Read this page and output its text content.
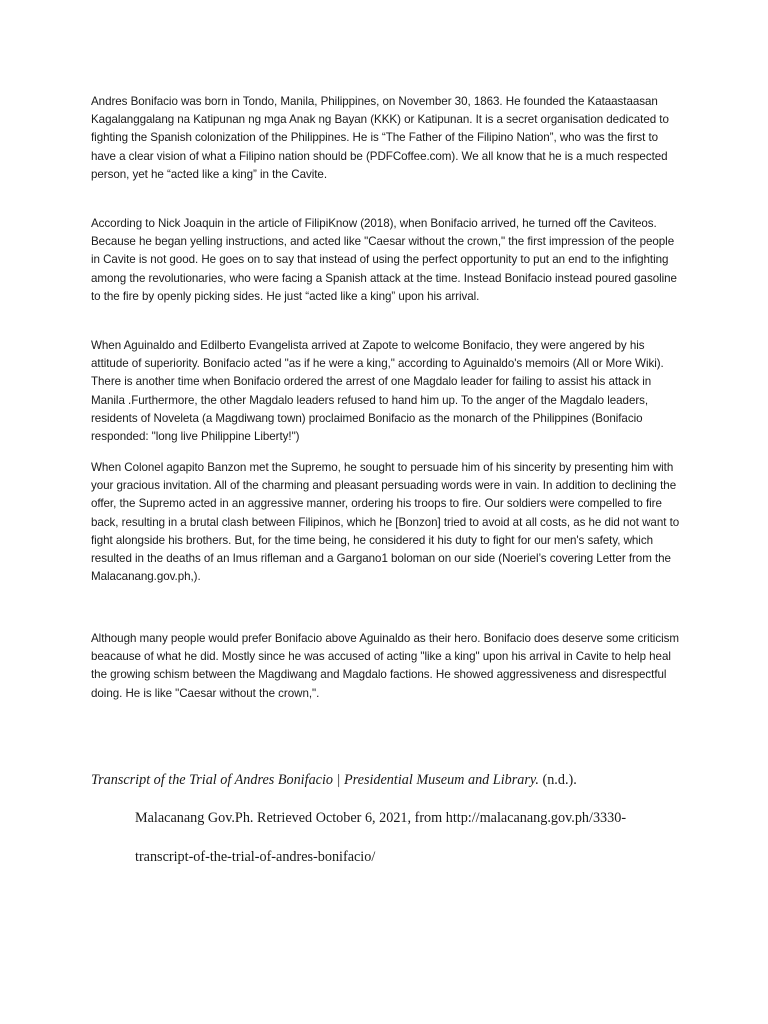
Andres Bonifacio was born in Tondo, Manila, Philippines, on November 30, 1863. He founded the Kataastaasan Kagalanggalang na Katipunan ng mga Anak ng Bayan (KKK) or Katipunan. It is a secret organisation dedicated to fighting the Spanish colonization of the Philippines. He is “The Father of the Filipino Nation”, who was the first to have a clear vision of what a Filipino nation should be (PDFCoffee.com). We all know that he is a much respected person, yet he “acted like a king” in the Cavite.

According to Nick Joaquin in the article of FilipiKnow (2018), when Bonifacio arrived, he turned off the Caviteos. Because he began yelling instructions, and acted like "Caesar without the crown," the first impression of the people in Cavite is not good. He goes on to say that instead of using the perfect opportunity to put an end to the infighting among the revolutionaries, who were facing a Spanish attack at the time. Instead Bonifacio instead poured gasoline to the fire by openly picking sides. He just “acted like a king” upon his arrival.

When Aguinaldo and Edilberto Evangelista arrived at Zapote to welcome Bonifacio, they were angered by his attitude of superiority. Bonifacio acted "as if he were a king," according to Aguinaldo's memoirs (All or More Wiki). There is another time when Bonifacio ordered the arrest of one Magdalo leader for failing to assist his attack in Manila .Furthermore, the other Magdalo leaders refused to hand him up. To the anger of the Magdalo leaders, residents of Noveleta (a Magdiwang town) proclaimed Bonifacio as the monarch of the Philippines (Bonifacio responded: "long live Philippine Liberty!")

When Colonel agapito Banzon met the Supremo, he sought to persuade him of his sincerity by presenting him with your gracious invitation. All of the charming and pleasant persuading words were in vain. In addition to declining the offer, the Supremo acted in an aggressive manner, ordering his troops to fire. Our soldiers were compelled to fire back, resulting in a brutal clash between Filipinos, which he [Bonzon] tried to avoid at all costs, as he did not want to fight alongside his brothers. But, for the time being, he considered it his duty to fight for our men's safety, which resulted in the deaths of an Imus rifleman and a Gargano1 boloman on our side (Noeriel’s covering Letter from the Malacanang.gov.ph,).

Although many people would prefer Bonifacio above Aguinaldo as their hero. Bonifacio does deserve some criticism beacause of what he did. Mostly since he was accused of acting "like a king" upon his arrival in Cavite to help heal the growing schism between the Magdiwang and Magdalo factions. He showed aggressiveness and disrespectful doing. He is like "Caesar without the crown,".

Transcript of the Trial of Andres Bonifacio | Presidential Museum and Library. (n.d.).

Malacanang Gov.Ph. Retrieved October 6, 2021, from http://malacanang.gov.ph/3330-

transcript-of-the-trial-of-andres-bonifacio/
